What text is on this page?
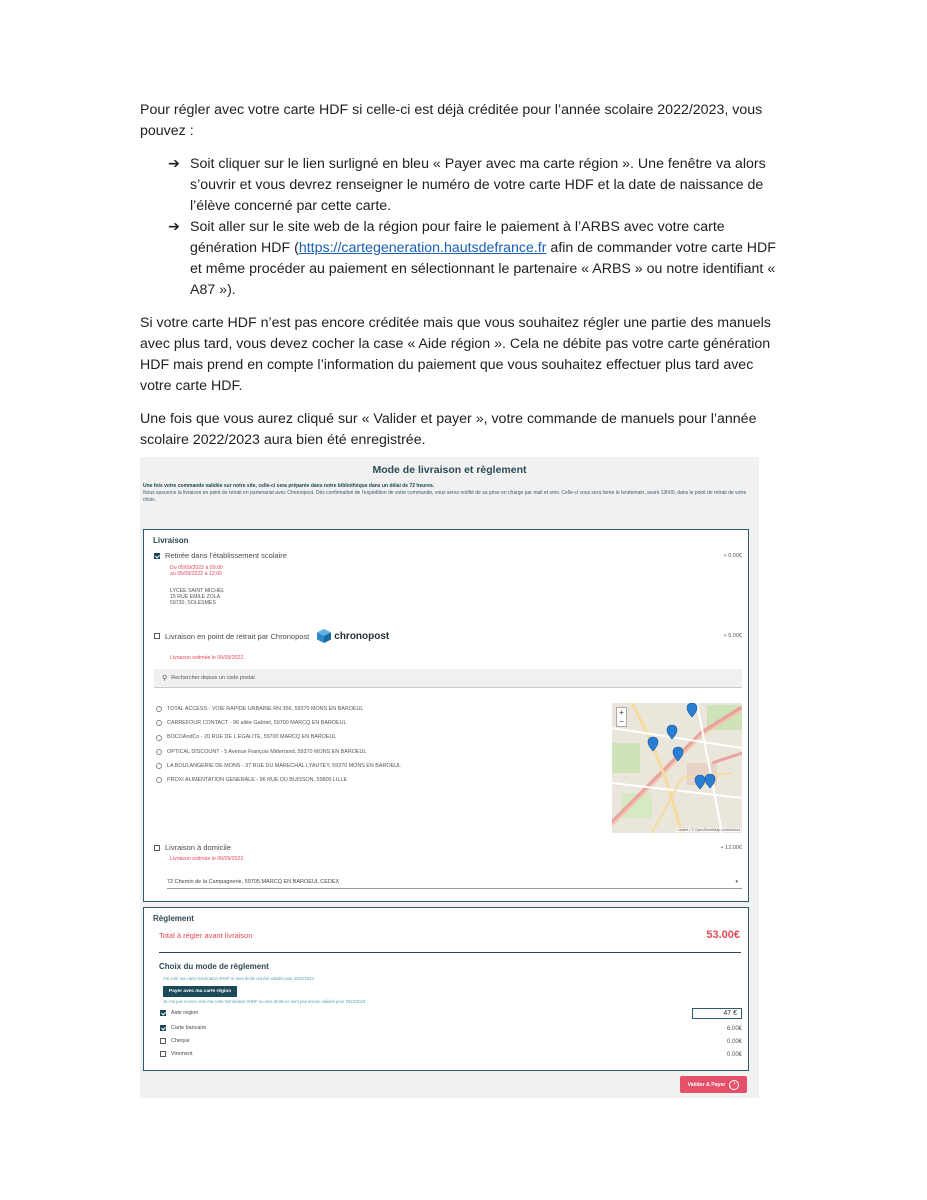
Pour régler avec votre carte HDF si celle-ci est déjà créditée pour l’année scolaire 2022/2023, vous pouvez :

➔ Soit cliquer sur le lien surligné en bleu « Payer avec ma carte région ». Une fenêtre va alors s’ouvrir et vous devrez renseigner le numéro de votre carte HDF et la date de naissance de l’élève concerné par cette carte.
➔ Soit aller sur le site web de la région pour faire le paiement à l’ARBS avec votre carte génération HDF (https://cartegeneration.hautsdefrance.fr afin de commander votre carte HDF et même procéder au paiement en sélectionnant le partenaire « ARBS » ou notre identifiant « A87 »).

Si votre carte HDF n’est pas encore créditée mais que vous souhaitez régler une partie des manuels avec plus tard, vous devez cocher la case « Aide région ». Cela ne débite pas votre carte génération HDF mais prend en compte l’information du paiement que vous souhaitez effectuer plus tard avec votre carte HDF.

Une fois que vous aurez cliqué sur « Valider et payer », votre commande de manuels pour l’année scolaire 2022/2023 aura bien été enregistrée.

Mode de livraison et règlement
Une fois votre commande validée sur notre site, celle-ci sera préparée dans notre bibliothèque dans un délai de 72 heures.
Nous assurons la livraison en point de retrait en partenariat avec Chronopost. Dès confirmation de l'expédition de votre commande, vous serez notifié de sa prise en charge par mail et sms. Celle-ci vous sera livrée le lendemain, avant 13h00, dans le point de retrait de votre choix.
Livraison
Retirée dans l'établissement scolaire	+ 0.00€
Du 05/09/2022 à 09:00
au 05/09/2022 à 12:00
LYCEE SAINT MICHEL
15 RUE EMILE ZOLA
59730, SOLESMES
Livraison en point de retrait par Chronopost	chronopost	+ 5.00€
Livraison estimée le 06/09/2022.
⚲ Rechercher depuis un code postal
TOTAL ACCESS - VOIE RAPIDE URBAINE RN 356, 59370 MONS EN BAROEUL
CARREFOUR CONTACT - 96 allée Gabriel, 59700 MARCQ EN BAROEUL
BOCOAndCo - 20 RUE DE L EGALITE, 59700 MARCQ EN BAROEUL
OPTICAL DISCOUNT - 5 Avenue François Mitterrand, 59370 MONS EN BAROEUL
LA BOULANGERIE DE MONS - 37 RUE DU MARECHAL LYAUTEY, 59370 MONS EN BAROEUL
PROXI ALIMENTATION GENERALE - 96 RUE DU BUISSON, 59800 LILLE
+
−
Leaflet | © OpenStreetMap contributors
Livraison à domicile	+ 12.00€
Livraison estimée le 06/09/2022.
72 Chemin de la Campagnerie, 59705 MARCQ EN BAROEUL CEDEX	▾
Règlement
Total à régler avant livraison	53.00€
Choix du mode de règlement
J'ai créé ma carte Génération #HDF et mes droits ont été validés pour 2022/2023 :
Payer avec ma carte région
Je n'ai pas encore créé ma carte Génération #HDF ou mes droits ne sont pas encore validés pour 2022/2023 :
Aide région	47 €
Carte bancaire	6.00€
Chèque	0.00€
Virement	0.00€
Valider & Payer	›
